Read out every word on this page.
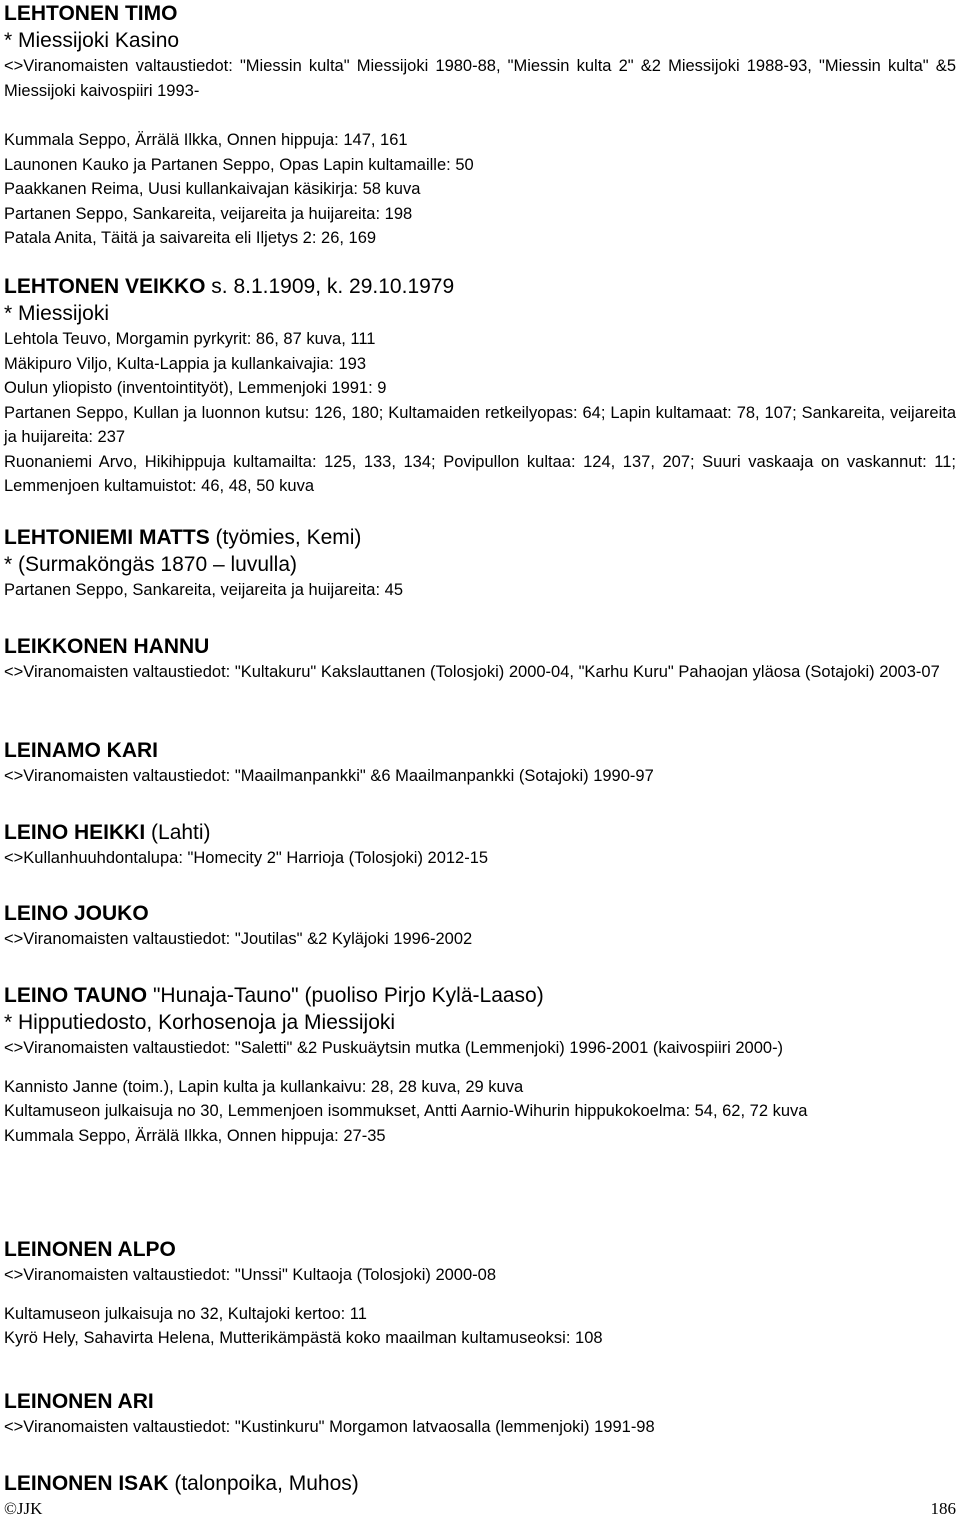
LEHTONEN TIMO
* Miessijoki Kasino
<>Viranomaisten valtaustiedot: "Miessin kulta" Miessijoki 1980-88, "Miessin kulta 2" &2 Miessijoki 1988-93, "Miessin kulta" &5 Miessijoki kaivospiiri 1993-
Kummala Seppo, Ärrälä Ilkka, Onnen hippuja: 147, 161
Launonen Kauko ja Partanen Seppo, Opas Lapin kultamaille: 50
Paakkanen Reima, Uusi kullankaivajan käsikirja: 58 kuva
Partanen Seppo, Sankareita, veijareita ja huijareita: 198
Patala Anita, Täitä ja saivareita eli Iljetys 2: 26, 169
LEHTONEN VEIKKO s. 8.1.1909, k. 29.10.1979
* Miessijoki
Lehtola Teuvo, Morgamin pyrkyrit: 86, 87 kuva, 111
Mäkipuro Viljo, Kulta-Lappia ja kullankaivajia: 193
Oulun yliopisto (inventointityöt), Lemmenjoki 1991: 9
Partanen Seppo, Kullan ja luonnon kutsu: 126, 180; Kultamaiden retkeilyopas: 64; Lapin kultamaat: 78, 107; Sankareita, veijareita ja huijareita: 237
Ruonaniemi Arvo, Hikihippuja kultamailta: 125, 133, 134; Povipullon kultaa: 124, 137, 207; Suuri vaskaaja on vaskannut: 11; Lemmenjoen kultamuistot: 46, 48, 50 kuva
LEHTONIEMI MATTS (työmies, Kemi)
* (Surmaköngäs 1870 – luvulla)
Partanen Seppo, Sankareita, veijareita ja huijareita: 45
LEIKKONEN HANNU
<>Viranomaisten valtaustiedot: "Kultakuru" Kakslauttanen (Tolosjoki) 2000-04, "Karhu Kuru" Pahaojan yläosa (Sotajoki) 2003-07
LEINAMO KARI
<>Viranomaisten valtaustiedot: "Maailmanpankki" &6 Maailmanpankki (Sotajoki) 1990-97
LEINO HEIKKI (Lahti)
<>Kullanhuuhdontalupa: "Homecity 2" Harrioja (Tolosjoki) 2012-15
LEINO JOUKO
<>Viranomaisten valtaustiedot: "Joutilas" &2 Kyläjoki 1996-2002
LEINO TAUNO "Hunaja-Tauno" (puoliso Pirjo Kylä-Laaso)
* Hipputiedosto, Korhosenoja ja Miessijoki
<>Viranomaisten valtaustiedot: "Saletti" &2 Puskuäytsin mutka (Lemmenjoki) 1996-2001 (kaivospiiri 2000-)
Kannisto Janne (toim.), Lapin kulta ja kullankaivu: 28, 28 kuva, 29 kuva
Kultamuseon julkaisuja no 30, Lemmenjoen isommukset, Antti Aarnio-Wihurin hippukokoelma: 54, 62, 72 kuva
Kummala Seppo, Ärrälä Ilkka, Onnen hippuja: 27-35
LEINONEN ALPO
<>Viranomaisten valtaustiedot: "Unssi" Kultaoja (Tolosjoki) 2000-08
Kultamuseon julkaisuja no 32, Kultajoki kertoo: 11
Kyrö Hely, Sahavirta Helena, Mutterikämpästä koko maailman kultamuseoksi: 108
LEINONEN ARI
<>Viranomaisten valtaustiedot: "Kustinkuru" Morgamon latvaosalla (lemmenjoki) 1991-98
LEINONEN ISAK (talonpoika, Muhos)
©JJK	186
